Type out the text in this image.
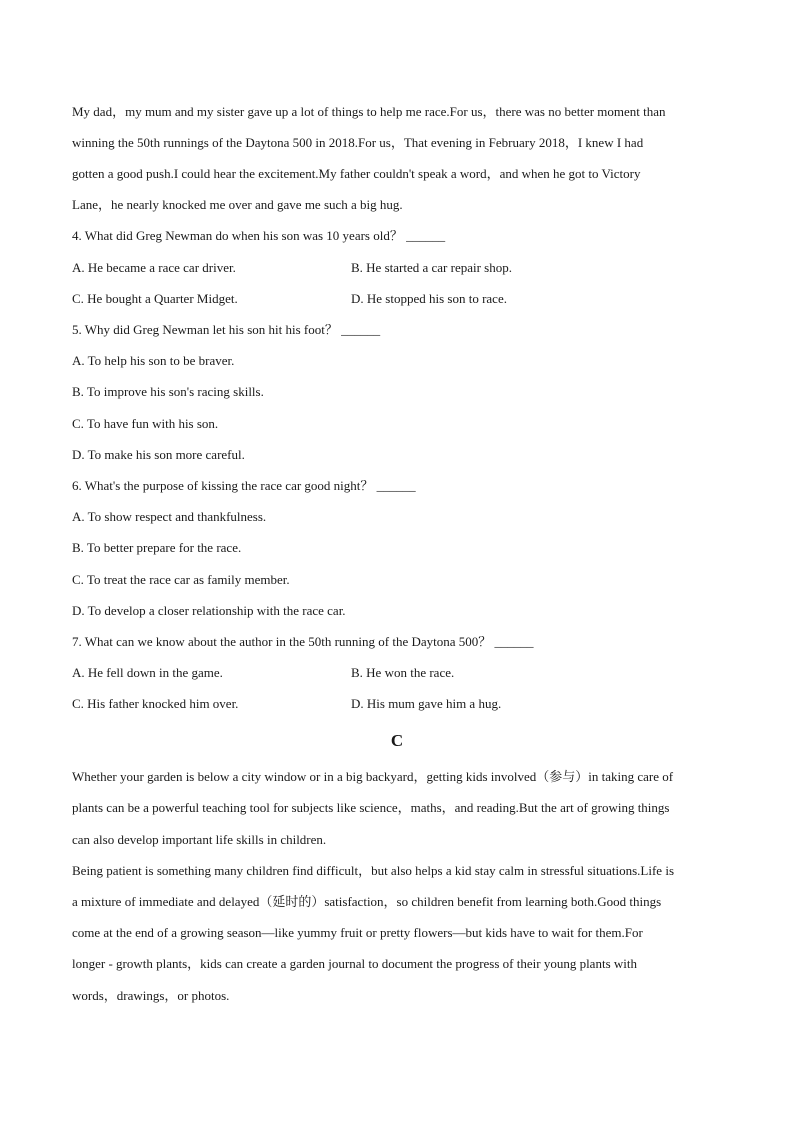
My dad，my mum and my sister gave up a lot of things to help me race.For us，there was no better moment than
winning the 50th runnings of the Daytona 500 in 2018.For us，That evening in February 2018，I knew I had
gotten a good push.I could hear the excitement.My father couldn't speak a word，and when he got to Victory
Lane，he nearly knocked me over and gave me such a big hug.
4. What did Greg Newman do when his son was 10 years old？ ______
A. He became a race car driver.	B. He started a car repair shop.
C. He bought a Quarter Midget.	D. He stopped his son to race.
5. Why did Greg Newman let his son hit his foot？ ______
A. To help his son to be braver.
B. To improve his son's racing skills.
C. To have fun with his son.
D. To make his son more careful.
6. What's the purpose of kissing the race car good night？ ______
A. To show respect and thankfulness.
B. To better prepare for the race.
C. To treat the race car as family member.
D. To develop a closer relationship with the race car.
7. What can we know about the author in the 50th running of the Daytona 500？ ______
A. He fell down in the game.	B. He won the race.
C. His father knocked him over.	D. His mum gave him a hug.
C
Whether your garden is below a city window or in a big backyard，getting kids involved（参与）in taking care of
plants can be a powerful teaching tool for subjects like science，maths，and reading.But the art of growing things
can also develop important life skills in children.
Being patient is something many children find difficult，but also helps a kid stay calm in stressful situations.Life is
a mixture of immediate and delayed（延时的）satisfaction，so children benefit from learning both.Good things
come at the end of a growing season—like yummy fruit or pretty flowers—but kids have to wait for them.For
longer - growth plants，kids can create a garden journal to document the progress of their young plants with
words，drawings，or photos.
